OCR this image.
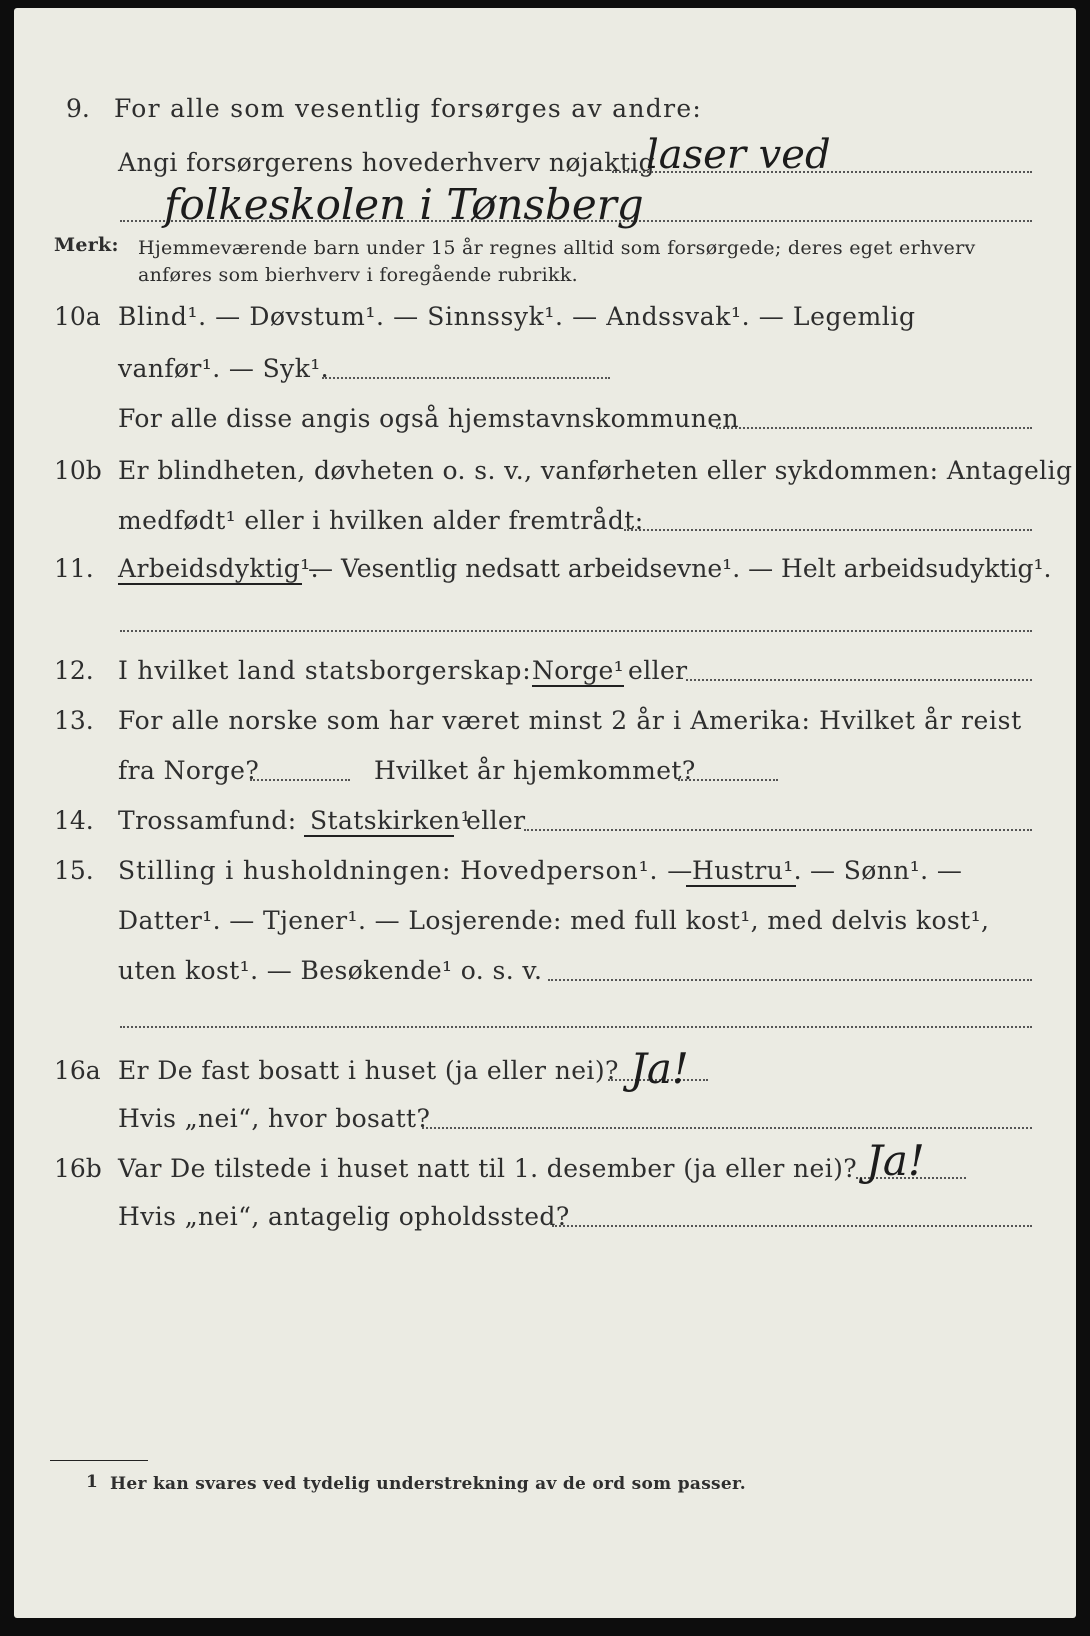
9. For alle som vesentlig forsørges av andre:
Angi forsørgerens hovederhverv nøjaktig
laser ved
folkeskolen i Tønsberg
Merk: Hjemmeværende barn under 15 år regnes alltid som forsørgede; deres eget erhverv
anføres som bierhverv i foregående rubrikk.
10a Blind¹. — Døvstum¹. — Sinnssyk¹. — Andssvak¹. — Legemlig
vanfør¹. — Syk¹.
For alle disse angis også hjemstavnskommunen
10b Er blindheten, døvheten o. s. v., vanførheten eller sykdommen: Antagelig
medfødt¹ eller i hvilken alder fremtrådt:
11. Arbeidsdyktig¹.
— Vesentlig nedsatt arbeidsevne¹. — Helt arbeidsudyktig¹.
12. I hvilket land statsborgerskap: Norge¹ eller
13. For alle norske som har været minst 2 år i Amerika: Hvilket år reist
fra Norge?	Hvilket år hjemkommet?
14. Trossamfund: Statskirken¹
eller
15. Stilling i husholdningen: Hovedperson¹. —
Hustru¹. — Sønn¹. —
Datter¹. — Tjener¹. — Losjerende: med full kost¹, med delvis kost¹,
uten kost¹. — Besøkende¹ o. s. v.
16a Er De fast bosatt i huset (ja eller nei)? Ja!
Hvis „nei“, hvor bosatt?
16b Var De tilstede i huset natt til 1. desember (ja eller nei)? Ja!
Hvis „nei“, antagelig opholdssted?
1 Her kan svares ved tydelig understrekning av de ord som passer.
